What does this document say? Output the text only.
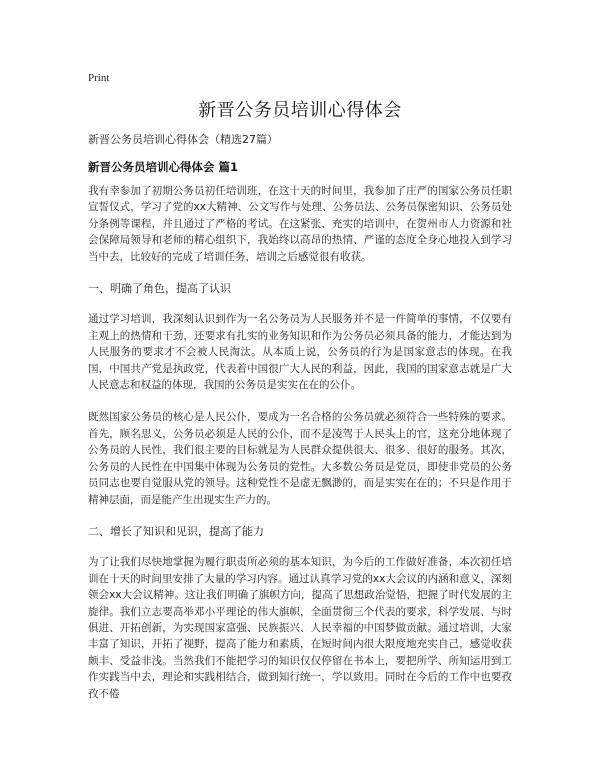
Print
新晋公务员培训心得体会
新晋公务员培训心得体会（精选27篇）
新晋公务员培训心得体会 篇1

我有幸参加了初期公务员初任培训班，在这十天的时间里，我参加了庄严的国家公务员任职宣誓仪式，学习了党的xx大精神、公文写作与处理、公务员法、公务员保密知识、公务员处分条例等课程，并且通过了严格的考试。在这紧张、充实的培训中，在贺州市人力资源和社会保障局领导和老师的精心组织下，我始终以高昂的热情、严谨的态度全身心地投入到学习当中去，比较好的完成了培训任务，培训之后感觉很有收获。

一、明确了角色，提高了认识

通过学习培训，我深刻认识到作为一名公务员为人民服务并不是一件简单的事情，不仅要有主观上的热情和干劲，还要求有扎实的业务知识和作为公务员必须具备的能力，才能达到为人民服务的要求才不会被人民淘汰。从本质上说，公务员的行为是国家意志的体现。在我国，中国共产党是执政党，代表着中国很广大人民的利益，因此，我国的国家意志就是广大人民意志和权益的体现，我国的公务员是实实在在的公仆。

既然国家公务员的核心是人民公仆，要成为一名合格的公务员就必须符合一些特殊的要求。首先，顾名思义，公务员必须是人民的公仆，而不是凌驾于人民头上的官，这充分地体现了公务员的人民性，我们很主要的目标就是为人民群众提供很大、很多、很好的服务。其次，公务员的人民性在中国集中体现为公务员的党性。大多数公务员是党员，即使非党员的公务员同志也要自觉服从党的领导。这种党性不是虚无飘渺的，而是实实在在的；不只是作用于精神层面，而是能产生出现实生产力的。

二、增长了知识和见识，提高了能力

为了让我们尽快地掌握为履行职责所必须的基本知识，为今后的工作做好准备，本次初任培训在十天的时间里安排了大量的学习内容。通过认真学习党的xx大会议的内涵和意义，深刻领会xx大会议精神。这让我们明确了旗帜方向，提高了思想政治觉悟，把握了时代发展的主旋律。我们立志要高举邓小平理论的伟大旗帜，全面贯彻三个代表的要求，科学发展、与时俱进、开拓创新，为实现国家富强、民族振兴、人民幸福的中国梦做贡献。通过培训，大家丰富了知识，开拓了视野，提高了能力和素质，在短时间内很大限度地充实自己，感觉收获颇丰、受益非浅。当然我们不能把学习的知识仅仅停留在书本上，要把所学、所知运用到工作实践当中去，理论和实践相结合，做到知行统一，学以致用。同时在今后的工作中也要孜孜不倦
